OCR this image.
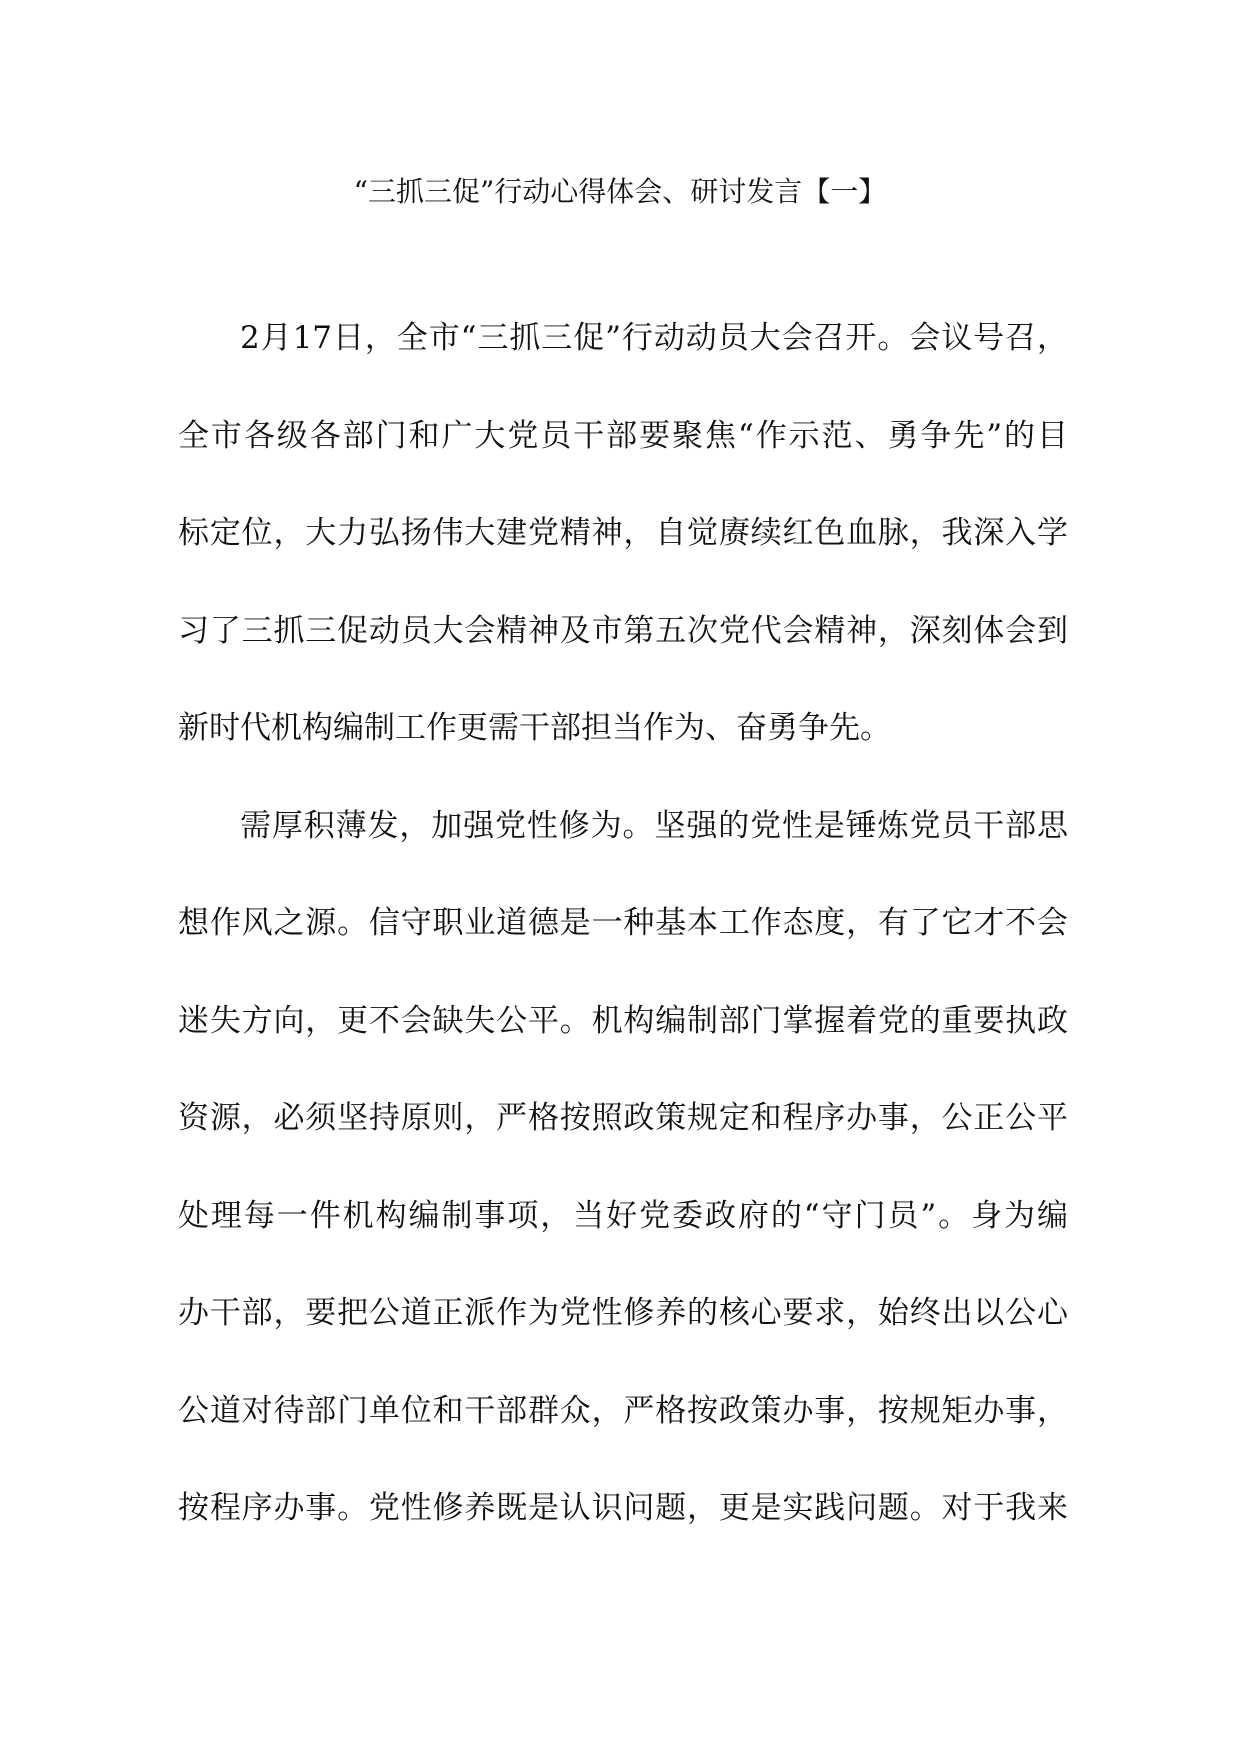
“三抓三促”行动心得体会、研讨发言【一】
2月17日，全市“三抓三促”行动动员大会召开。会议号召，
全市各级各部门和广大党员干部要聚焦“作示范、勇争先”的目
标定位，大力弘扬伟大建党精神，自觉赓续红色血脉，我深入学
习了三抓三促动员大会精神及市第五次党代会精神，深刻体会到
新时代机构编制工作更需干部担当作为、奋勇争先。
需厚积薄发，加强党性修为。坚强的党性是锤炼党员干部思
想作风之源。信守职业道德是一种基本工作态度，有了它才不会
迷失方向，更不会缺失公平。机构编制部门掌握着党的重要执政
资源，必须坚持原则，严格按照政策规定和程序办事，公正公平
处理每一件机构编制事项，当好党委政府的“守门员”。身为编
办干部，要把公道正派作为党性修养的核心要求，始终出以公心
公道对待部门单位和干部群众，严格按政策办事，按规矩办事，
按程序办事。党性修养既是认识问题，更是实践问题。对于我来
